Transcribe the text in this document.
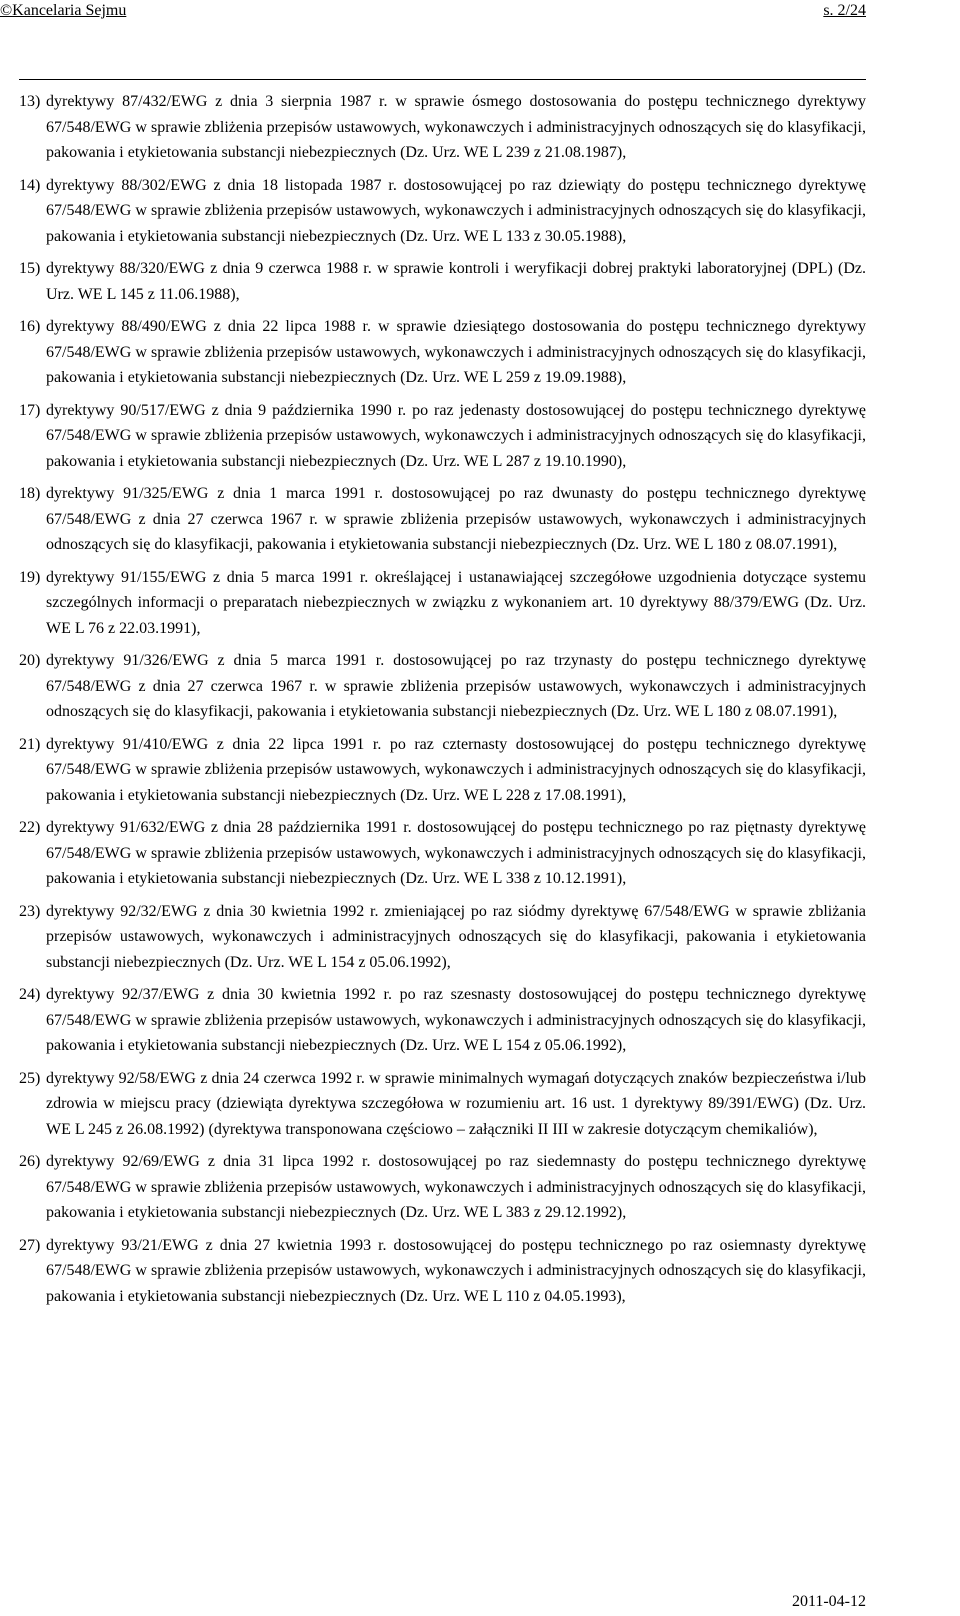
©Kancelaria Sejmu	s. 2/24
13) dyrektywy 87/432/EWG z dnia 3 sierpnia 1987 r. w sprawie ósmego dostosowania do postępu technicznego dyrektywy 67/548/EWG w sprawie zbliżenia przepisów ustawowych, wykonawczych i administracyjnych odnoszących się do klasyfikacji, pakowania i etykietowania substancji niebezpiecznych (Dz. Urz. WE L 239 z 21.08.1987),
14) dyrektywy 88/302/EWG z dnia 18 listopada 1987 r. dostosowującej po raz dziewiąty do postępu technicznego dyrektywę 67/548/EWG w sprawie zbliżenia przepisów ustawowych, wykonawczych i administracyjnych odnoszących się do klasyfikacji, pakowania i etykietowania substancji niebezpiecznych (Dz. Urz. WE L 133 z 30.05.1988),
15) dyrektywy 88/320/EWG z dnia 9 czerwca 1988 r. w sprawie kontroli i weryfikacji dobrej praktyki laboratoryjnej (DPL) (Dz. Urz. WE L 145 z 11.06.1988),
16) dyrektywy 88/490/EWG z dnia 22 lipca 1988 r. w sprawie dziesiątego dostosowania do postępu technicznego dyrektywy 67/548/EWG w sprawie zbliżenia przepisów ustawowych, wykonawczych i administracyjnych odnoszących się do klasyfikacji, pakowania i etykietowania substancji niebezpiecznych (Dz. Urz. WE L 259 z 19.09.1988),
17) dyrektywy 90/517/EWG z dnia 9 października 1990 r. po raz jedenasty dostosowującej do postępu technicznego dyrektywę 67/548/EWG w sprawie zbliżenia przepisów ustawowych, wykonawczych i administracyjnych odnoszących się do klasyfikacji, pakowania i etykietowania substancji niebezpiecznych (Dz. Urz. WE L 287 z 19.10.1990),
18) dyrektywy 91/325/EWG z dnia 1 marca 1991 r. dostosowującej po raz dwunasty do postępu technicznego dyrektywę 67/548/EWG z dnia 27 czerwca 1967 r. w sprawie zbliżenia przepisów ustawowych, wykonawczych i administracyjnych odnoszących się do klasyfikacji, pakowania i etykietowania substancji niebezpiecznych (Dz. Urz. WE L 180 z 08.07.1991),
19) dyrektywy 91/155/EWG z dnia 5 marca 1991 r. określającej i ustanawiającej szczegółowe uzgodnienia dotyczące systemu szczególnych informacji o preparatach niebezpiecznych w związku z wykonaniem art. 10 dyrektywy 88/379/EWG (Dz. Urz. WE L 76 z 22.03.1991),
20) dyrektywy 91/326/EWG z dnia 5 marca 1991 r. dostosowującej po raz trzynasty do postępu technicznego dyrektywę 67/548/EWG z dnia 27 czerwca 1967 r. w sprawie zbliżenia przepisów ustawowych, wykonawczych i administracyjnych odnoszących się do klasyfikacji, pakowania i etykietowania substancji niebezpiecznych (Dz. Urz. WE L 180 z 08.07.1991),
21) dyrektywy 91/410/EWG z dnia 22 lipca 1991 r. po raz czternasty dostosowującej do postępu technicznego dyrektywę 67/548/EWG w sprawie zbliżenia przepisów ustawowych, wykonawczych i administracyjnych odnoszących się do klasyfikacji, pakowania i etykietowania substancji niebezpiecznych (Dz. Urz. WE L 228 z 17.08.1991),
22) dyrektywy 91/632/EWG z dnia 28 października 1991 r. dostosowującej do postępu technicznego po raz piętnasty dyrektywę 67/548/EWG w sprawie zbliżenia przepisów ustawowych, wykonawczych i administracyjnych odnoszących się do klasyfikacji, pakowania i etykietowania substancji niebezpiecznych (Dz. Urz. WE L 338 z 10.12.1991),
23) dyrektywy 92/32/EWG z dnia 30 kwietnia 1992 r. zmieniającej po raz siódmy dyrektywę 67/548/EWG w sprawie zbliżania przepisów ustawowych, wykonawczych i administracyjnych odnoszących się do klasyfikacji, pakowania i etykietowania substancji niebezpiecznych (Dz. Urz. WE L 154 z 05.06.1992),
24) dyrektywy 92/37/EWG z dnia 30 kwietnia 1992 r. po raz szesnasty dostosowującej do postępu technicznego dyrektywę 67/548/EWG w sprawie zbliżenia przepisów ustawowych, wykonawczych i administracyjnych odnoszących się do klasyfikacji, pakowania i etykietowania substancji niebezpiecznych (Dz. Urz. WE L 154 z 05.06.1992),
25) dyrektywy 92/58/EWG z dnia 24 czerwca 1992 r. w sprawie minimalnych wymagań dotyczących znaków bezpieczeństwa i/lub zdrowia w miejscu pracy (dziewiąta dyrektywa szczegółowa w rozumieniu art. 16 ust. 1 dyrektywy 89/391/EWG) (Dz. Urz. WE L 245 z 26.08.1992) (dyrektywa transponowana częściowo – załączniki II III w zakresie dotyczącym chemikaliów),
26) dyrektywy 92/69/EWG z dnia 31 lipca 1992 r. dostosowującej po raz siedemnasty do postępu technicznego dyrektywę 67/548/EWG w sprawie zbliżenia przepisów ustawowych, wykonawczych i administracyjnych odnoszących się do klasyfikacji, pakowania i etykietowania substancji niebezpiecznych (Dz. Urz. WE L 383 z 29.12.1992),
27) dyrektywy 93/21/EWG z dnia 27 kwietnia 1993 r. dostosowującej do postępu technicznego po raz osiemnasty dyrektywę 67/548/EWG w sprawie zbliżenia przepisów ustawowych, wykonawczych i administracyjnych odnoszących się do klasyfikacji, pakowania i etykietowania substancji niebezpiecznych (Dz. Urz. WE L 110 z 04.05.1993),
2011-04-12
